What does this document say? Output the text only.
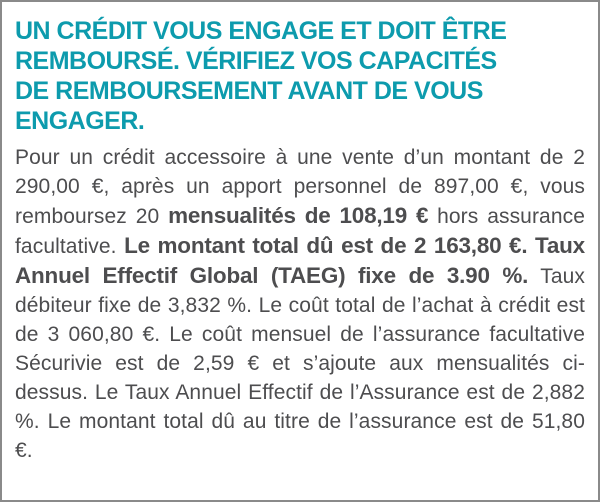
UN CRÉDIT VOUS ENGAGE ET DOIT ÊTRE
REMBOURSÉ. VÉRIFIEZ VOS CAPACITÉS
DE REMBOURSEMENT AVANT DE VOUS
ENGAGER.

Pour un crédit accessoire à une vente d’un montant de 2 290,00 €, après un apport personnel de 897,00 €, vous remboursez 20 mensualités de 108,19 € hors assurance facultative. Le montant total dû est de 2 163,80 €. Taux Annuel Effectif Global (TAEG) fixe de 3.90 %. Taux débiteur fixe de 3,832 %. Le coût total de l’achat à crédit est de 3 060,80 €. Le coût mensuel de l’assurance facultative Sécurivie est de 2,59 € et s’ajoute aux mensualités ci-dessus. Le Taux Annuel Effectif de l’Assurance est de 2,882 %. Le montant total dû au titre de l’assurance est de 51,80 €.
